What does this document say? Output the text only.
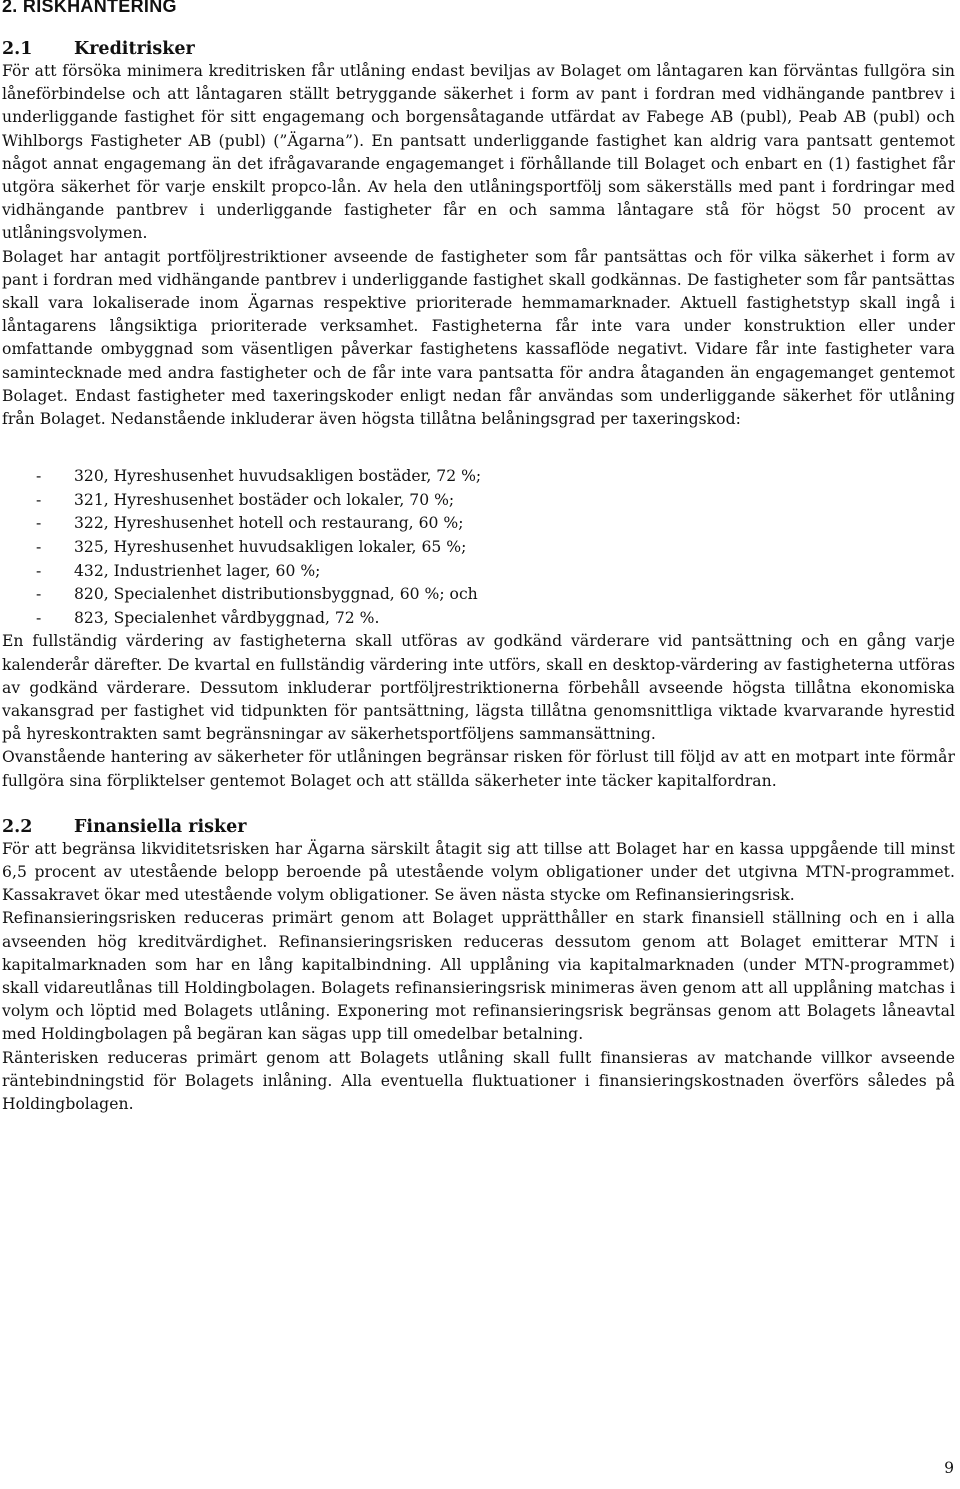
2. RISKHANTERING
2.1	Kreditrisker

För att försöka minimera kreditrisken får utlåning endast beviljas av Bolaget om låntagaren kan förväntas fullgöra sin låneförbindelse och att låntagaren ställt betryggande säkerhet i form av pant i fordran med vidhängande pantbrev i underliggande fastighet för sitt engagemang och borgensåtagande utfärdat av Fabege AB (publ), Peab AB (publ) och Wihlborgs Fastigheter AB (publ) (”Ägarna”). En pantsatt underliggande fastighet kan aldrig vara pantsatt gentemot något annat engagemang än det ifrågavarande engagemanget i förhållande till Bolaget och enbart en (1) fastighet får utgöra säkerhet för varje enskilt propco-lån. Av hela den utlåningsportfölj som säkerställs med pant i fordringar med vidhängande pantbrev i underliggande fastigheter får en och samma låntagare stå för högst 50 procent av utlåningsvolymen.

Bolaget har antagit portföljrestriktioner avseende de fastigheter som får pantsättas och för vilka säkerhet i form av pant i fordran med vidhängande pantbrev i underliggande fastighet skall godkännas. De fastigheter som får pantsättas skall vara lokaliserade inom Ägarnas respektive prioriterade hemmamarknader. Aktuell fastighetstyp skall ingå i låntagarens långsiktiga prioriterade verksamhet. Fastigheterna får inte vara under konstruktion eller under omfattande ombyggnad som väsentligen påverkar fastighetens kassaflöde negativt. Vidare får inte fastigheter vara samintecknade med andra fastigheter och de får inte vara pantsatta för andra åtaganden än engagemanget gentemot Bolaget. Endast fastigheter med taxeringskoder enligt nedan får användas som underliggande säkerhet för utlåning från Bolaget. Nedanstående inkluderar även högsta tillåtna belåningsgrad per taxeringskod:

-	320, Hyreshusenhet huvudsakligen bostäder, 72 %;
-	321, Hyreshusenhet bostäder och lokaler, 70 %;
-	322, Hyreshusenhet hotell och restaurang, 60 %;
-	325, Hyreshusenhet huvudsakligen lokaler, 65 %;
-	432, Industrienhet lager, 60 %;
-	820, Specialenhet distributionsbyggnad, 60 %; och
-	823, Specialenhet vårdbyggnad, 72 %.

En fullständig värdering av fastigheterna skall utföras av godkänd värderare vid pantsättning och en gång varje kalenderår därefter. De kvartal en fullständig värdering inte utförs, skall en desktop-värdering av fastigheterna utföras av godkänd värderare. Dessutom inkluderar portföljrestriktionerna förbehåll avseende högsta tillåtna ekonomiska vakansgrad per fastighet vid tidpunkten för pantsättning, lägsta tillåtna genomsnittliga viktade kvarvarande hyrestid på hyreskontrakten samt begränsningar av säkerhetsportföljens sammansättning.

Ovanstående hantering av säkerheter för utlåningen begränsar risken för förlust till följd av att en motpart inte förmår fullgöra sina förpliktelser gentemot Bolaget och att ställda säkerheter inte täcker kapitalfordran.

2.2	Finansiella risker

För att begränsa likviditetsrisken har Ägarna särskilt åtagit sig att tillse att Bolaget har en kassa uppgående till minst 6,5 procent av utestående belopp beroende på utestående volym obligationer under det utgivna MTN-programmet. Kassakravet ökar med utestående volym obligationer. Se även nästa stycke om Refinansieringsrisk.

Refinansieringsrisken reduceras primärt genom att Bolaget upprätthåller en stark finansiell ställning och en i alla avseenden hög kreditvärdighet. Refinansieringsrisken reduceras dessutom genom att Bolaget emitterar MTN i kapitalmarknaden som har en lång kapitalbindning. All upplåning via kapitalmarknaden (under MTN-programmet) skall vidareutlånas till Holdingbolagen. Bolagets refinansieringsrisk minimeras även genom att all upplåning matchas i volym och löptid med Bolagets utlåning. Exponering mot refinansieringsrisk begränsas genom att Bolagets låneavtal med Holdingbolagen på begäran kan sägas upp till omedelbar betalning.

Ränterisken reduceras primärt genom att Bolagets utlåning skall fullt finansieras av matchande villkor avseende räntebindningstid för Bolagets inlåning. Alla eventuella fluktuationer i finansieringskostnaden överförs således på Holdingbolagen.

9
